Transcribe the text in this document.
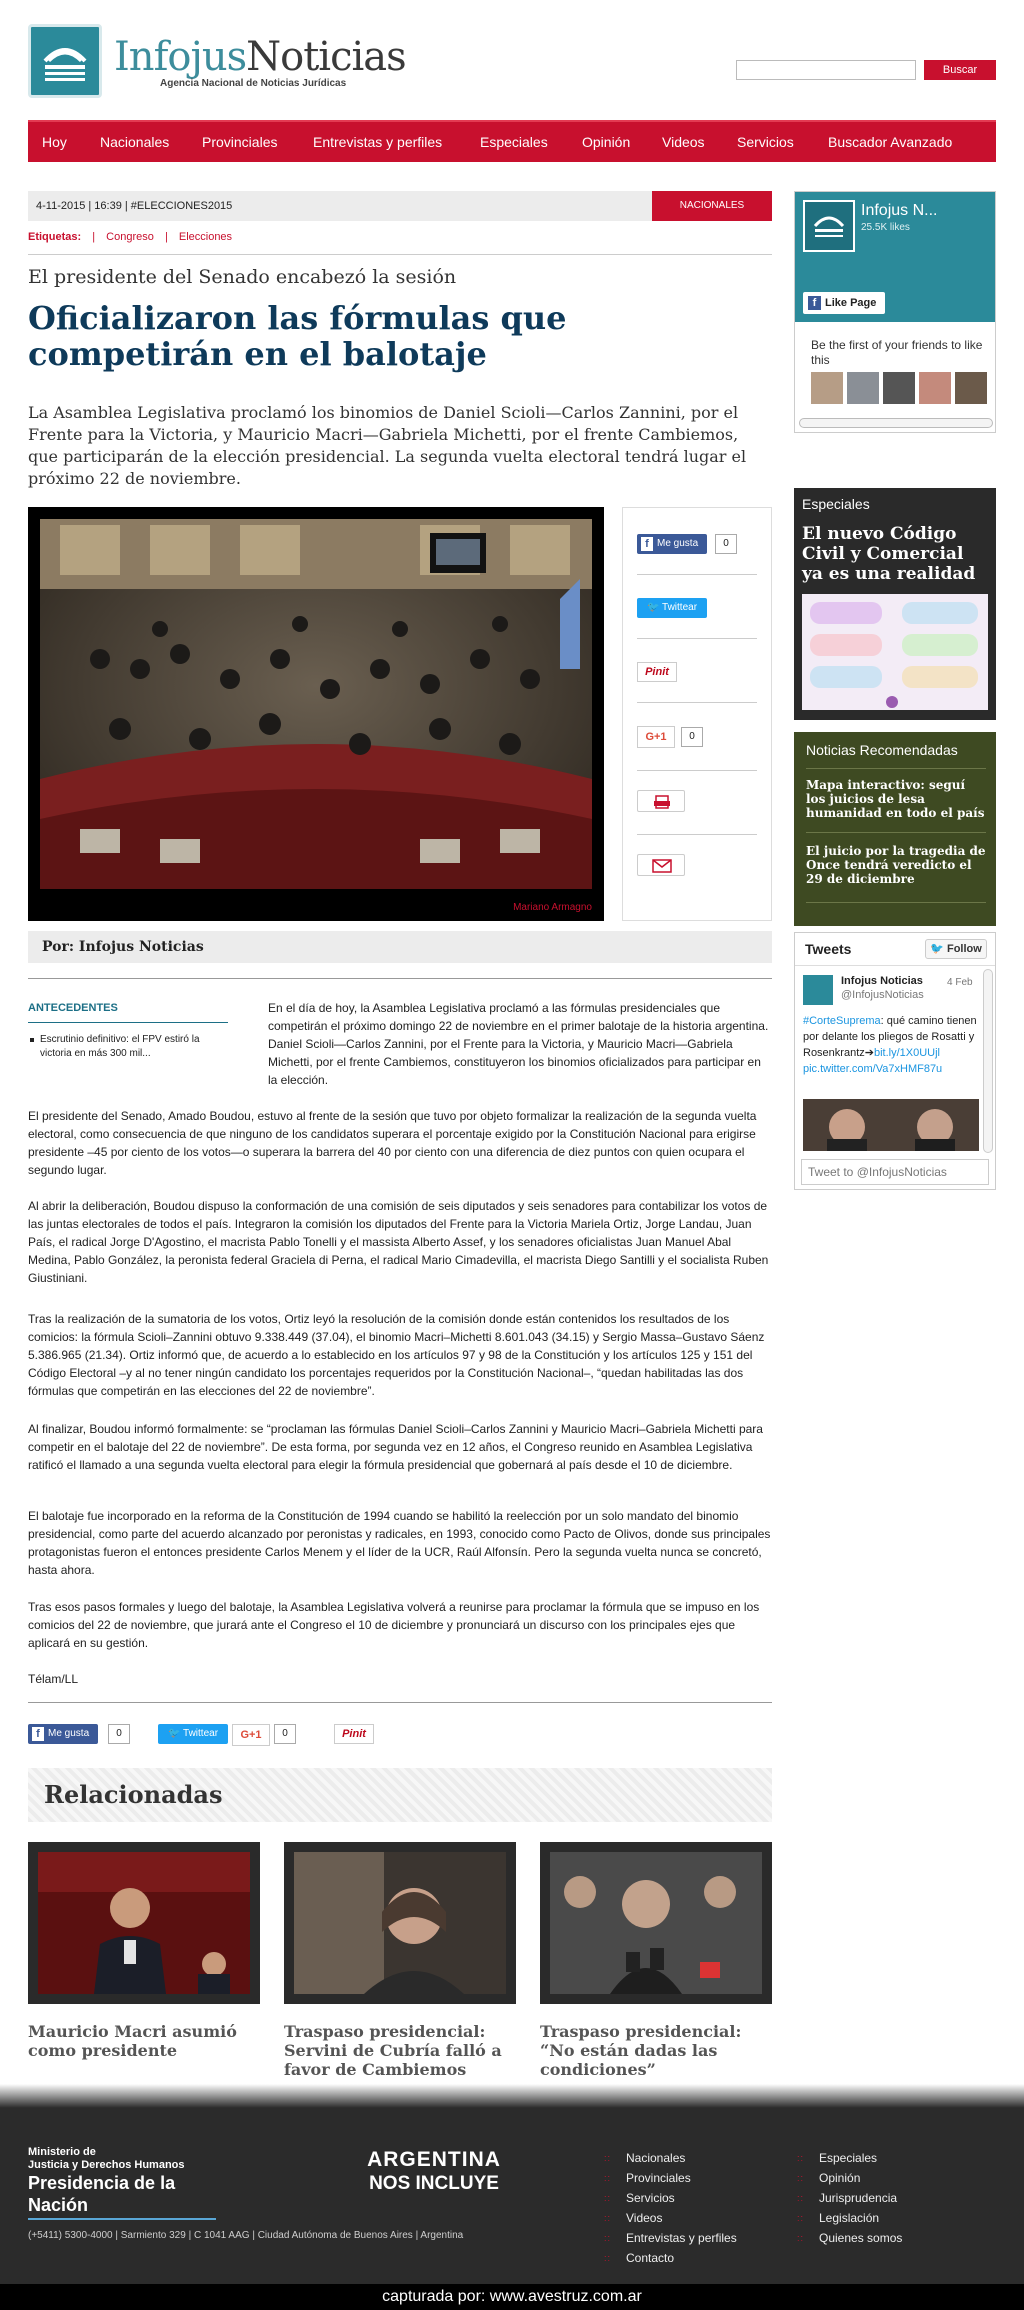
InfojusNoticias
Agencia Nacional de Noticias Jurídicas
Buscar
Hoy Nacionales Provinciales	Entrevistas y perfiles	Especiales Opinión Videos Servicios Buscador Avanzado
4-11-2015 | 16:39 | #ELECCIONES2015	NACIONALES
Etiquetas: | Congreso | Elecciones
El presidente del Senado encabezó la sesión
Oficializaron las fórmulas que competirán en el balotaje
La Asamblea Legislativa proclamó los binomios de Daniel Scioli—Carlos Zannini, por el Frente para la Victoria, y Mauricio Macri—Gabriela Michetti, por el frente Cambiemos, que participarán de la elección presidencial. La segunda vuelta electoral tendrá lugar el próximo 22 de noviembre.
Mariano Armagno
f Me gusta	0
🐦 Twittear
Pinit
G+1	0
Por: Infojus Noticias
ANTECEDENTES
Escrutinio definitivo: el FPV estiró la victoria en más 300 mil...
En el día de hoy, la Asamblea Legislativa proclamó a las fórmulas presidenciales que competirán el próximo domingo 22 de noviembre en el primer balotaje de la historia argentina. Daniel Scioli—Carlos Zannini, por el Frente para la Victoria, y Mauricio Macri—Gabriela Michetti, por el frente Cambiemos, constituyeron los binomios oficializados para participar en la elección.
El presidente del Senado, Amado Boudou, estuvo al frente de la sesión que tuvo por objeto formalizar la realización de la segunda vuelta electoral, como consecuencia de que ninguno de los candidatos superara el porcentaje exigido por la Constitución Nacional para erigirse presidente –45 por ciento de los votos—o superara la barrera del 40 por ciento con una diferencia de diez puntos con quien ocupara el segundo lugar.
Al abrir la deliberación, Boudou dispuso la conformación de una comisión de seis diputados y seis senadores para contabilizar los votos de las juntas electorales de todos el país. Integraron la comisión los diputados del Frente para la Victoria Mariela Ortiz, Jorge Landau, Juan País, el radical Jorge D'Agostino, el macrista Pablo Tonelli y el massista Alberto Assef, y los senadores oficialistas Juan Manuel Abal Medina, Pablo González, la peronista federal Graciela di Perna, el radical Mario Cimadevilla, el macrista Diego Santilli y el socialista Ruben Giustiniani.
Tras la realización de la sumatoria de los votos, Ortiz leyó la resolución de la comisión donde están contenidos los resultados de los comicios: la fórmula Scioli–Zannini obtuvo 9.338.449 (37.04), el binomio Macri–Michetti 8.601.043 (34.15) y Sergio Massa–Gustavo Sáenz 5.386.965 (21.34). Ortiz informó que, de acuerdo a lo establecido en los artículos 97 y 98 de la Constitución y los artículos 125 y 151 del Código Electoral –y al no tener ningún candidato los porcentajes requeridos por la Constitución Nacional–, “quedan habilitadas las dos fórmulas que competirán en las elecciones del 22 de noviembre”.
Al finalizar, Boudou informó formalmente: se “proclaman las fórmulas Daniel Scioli–Carlos Zannini y Mauricio Macri–Gabriela Michetti para competir en el balotaje del 22 de noviembre”. De esta forma, por segunda vez en 12 años, el Congreso reunido en Asamblea Legislativa ratificó el llamado a una segunda vuelta electoral para elegir la fórmula presidencial que gobernará al país desde el 10 de diciembre.
El balotaje fue incorporado en la reforma de la Constitución de 1994 cuando se habilitó la reelección por un solo mandato del binomio presidencial, como parte del acuerdo alcanzado por peronistas y radicales, en 1993, conocido como Pacto de Olivos, donde sus principales protagonistas fueron el entonces presidente Carlos Menem y el líder de la UCR, Raúl Alfonsín. Pero la segunda vuelta nunca se concretó, hasta ahora.
Tras esos pasos formales y luego del balotaje, la Asamblea Legislativa volverá a reunirse para proclamar la fórmula que se impuso en los comicios del 22 de noviembre, que jurará ante el Congreso el 10 de diciembre y pronunciará un discurso con los principales ejes que aplicará en su gestión.
Télam/LL
f Me gusta	0	🐦 Twittear	G+1	0	Pinit
Relacionadas
Mauricio Macri asumió como presidente
Traspaso presidencial: Servini de Cubría falló a favor de Cambiemos
Traspaso presidencial: “No están dadas las condiciones”
Infojus N...
25.5K likes
f Like Page
Be the first of your friends to like this
Especiales
El nuevo Código Civil y Comercial ya es una realidad
Noticias Recomendadas
Mapa interactivo: seguí los juicios de lesa humanidad en todo el país
El juicio por la tragedia de Once tendrá veredicto el 29 de diciembre
Tweets	🐦 Follow
Infojus Noticias
@InfojusNoticias
4 Feb
#CorteSuprema: qué camino tienen por delante los pliegos de Rosatti y Rosenkrantz➔bit.ly/1X0UUjl
pic.twitter.com/Va7xHMF87u
Tweet to @InfojusNoticias
Ministerio de
Justicia y Derechos Humanos
Presidencia de la Nación
ARGENTINA
NOS INCLUYE
(+5411) 5300-4000 | Sarmiento 329 | C 1041 AAG | Ciudad Autónoma de Buenos Aires | Argentina
:: Nacionales
:: Provinciales
:: Servicios
:: Videos
:: Entrevistas y perfiles
:: Contacto
:: Especiales
:: Opinión
:: Jurisprudencia
:: Legislación
:: Quienes somos
capturada por: www.avestruz.com.ar
